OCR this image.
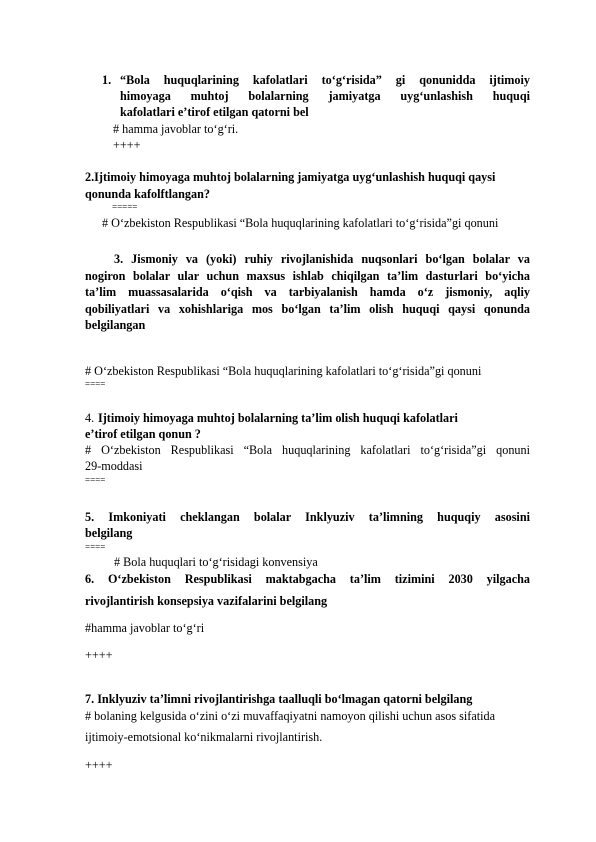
1. “Bola huquqlarining kafolatlari to‘g‘risida” gi qonunidda ijtimoiy
himoyaga muhtoj bolalarning jamiyatga uyg‘unlashish huquqi
kafolatlari e’tirof etilgan qatorni bel
# hamma javoblar to‘g‘ri.
++++
2.Ijtimoiy himoyaga muhtoj bolalarning jamiyatga uyg‘unlashish huquqi qaysi
qonunda kafolftlangan?
=====
# O‘zbekiston Respublikasi “Bola huquqlarining kafolatlari to‘g‘risida”gi qonuni
3. Jismoniy va (yoki) ruhiy rivojlanishida nuqsonlari bo‘lgan bolalar va
nogiron bolalar ular uchun maxsus ishlab chiqilgan ta’lim dasturlari bo‘yicha
ta’lim muassasalarida o‘qish va tarbiyalanish hamda o‘z jismoniy, aqliy
qobiliyatlari va xohishlariga mos bo‘lgan ta’lim olish huquqi qaysi qonunda
belgilangan
# O‘zbekiston Respublikasi “Bola huquqlarining kafolatlari to‘g‘risida”gi qonuni
====
4. Ijtimoiy himoyaga muhtoj bolalarning ta’lim olish huquqi kafolatlari
e’tirof etilgan qonun ?
# O‘zbekiston Respublikasi “Bola huquqlarining kafolatlari to‘g‘risida”gi qonuni
29-moddasi
====
5. Imkoniyati cheklangan bolalar Inklyuziv ta’limning huquqiy asosini
belgilang
====
# Bola huquqlari to‘g‘risidagi konvensiya
6. O‘zbekiston Respublikasi maktabgacha ta’lim tizimini 2030 yilgacha
rivojlantirish konsepsiya vazifalarini belgilang
#hamma javoblar to‘g‘ri
++++
7. Inklyuziv ta’limni rivojlantirishga taalluqli bo‘lmagan qatorni belgilang
# bolaning kelgusida o‘zini o‘zi muvaffaqiyatni namoyon qilishi uchun asos sifatida
ijtimoiy-emotsional ko‘nikmalarni rivojlantirish.
++++
